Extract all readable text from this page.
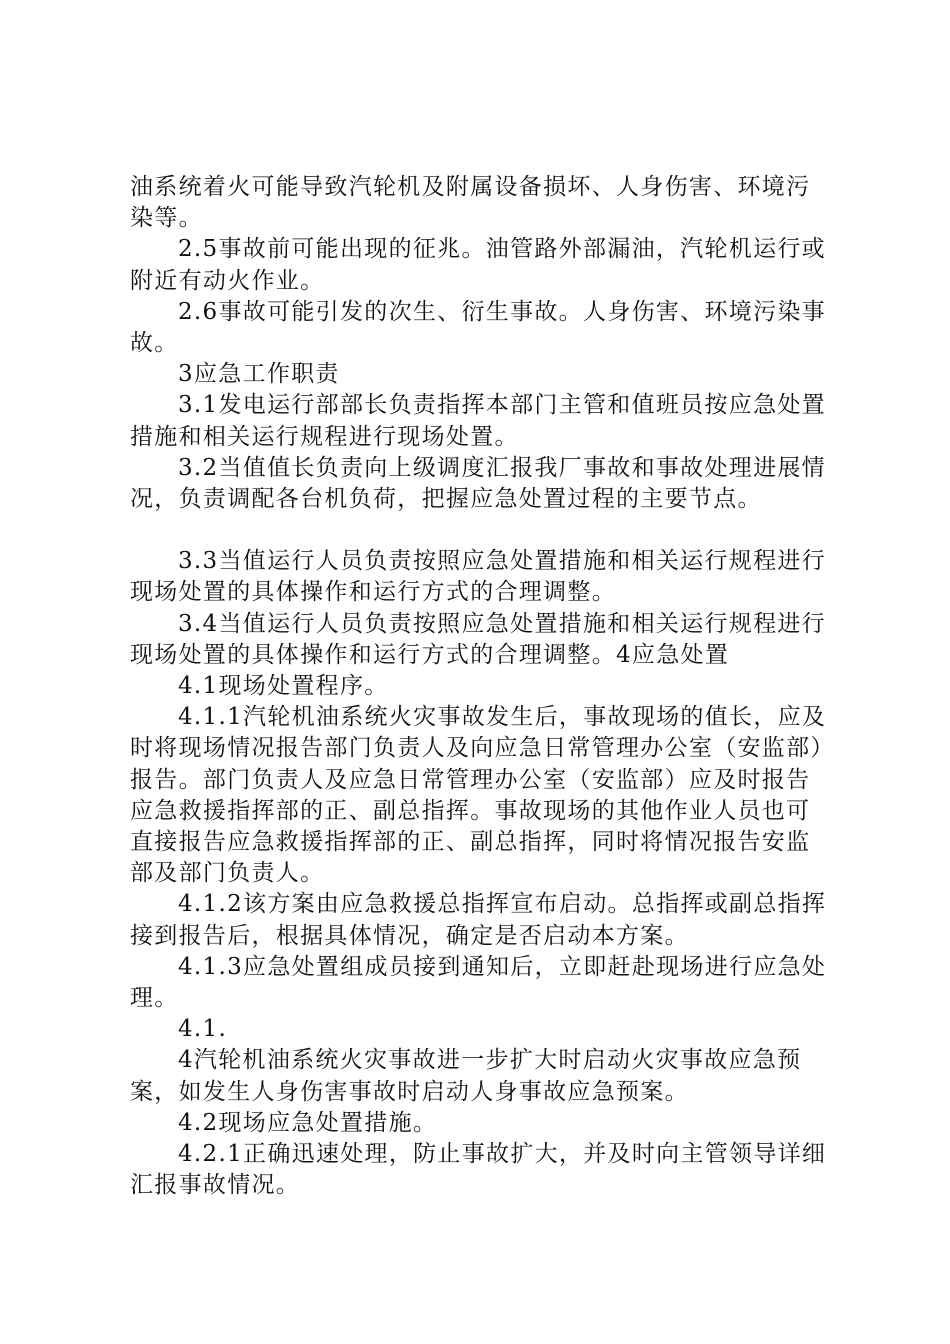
油系统着火可能导致汽轮机及附属设备损坏、人身伤害、环境污染等。

2.5事故前可能出现的征兆。油管路外部漏油，汽轮机运行或附近有动火作业。

2.6事故可能引发的次生、衍生事故。人身伤害、环境污染事故。

3应急工作职责

3.1发电运行部部长负责指挥本部门主管和值班员按应急处置措施和相关运行规程进行现场处置。

3.2当值值长负责向上级调度汇报我厂事故和事故处理进展情况，负责调配各台机负荷，把握应急处置过程的主要节点。

3.3当值运行人员负责按照应急处置措施和相关运行规程进行现场处置的具体操作和运行方式的合理调整。

3.4当值运行人员负责按照应急处置措施和相关运行规程进行现场处置的具体操作和运行方式的合理调整。4应急处置

4.1现场处置程序。

4.1.1汽轮机油系统火灾事故发生后，事故现场的值长，应及时将现场情况报告部门负责人及向应急日常管理办公室（安监部）报告。部门负责人及应急日常管理办公室（安监部）应及时报告应急救援指挥部的正、副总指挥。事故现场的其他作业人员也可直接报告应急救援指挥部的正、副总指挥，同时将情况报告安监部及部门负责人。

4.1.2该方案由应急救援总指挥宣布启动。总指挥或副总指挥接到报告后，根据具体情况，确定是否启动本方案。

4.1.3应急处置组成员接到通知后，立即赶赴现场进行应急处理。

4.1.

4汽轮机油系统火灾事故进一步扩大时启动火灾事故应急预案，如发生人身伤害事故时启动人身事故应急预案。

4.2现场应急处置措施。

4.2.1正确迅速处理，防止事故扩大，并及时向主管领导详细汇报事故情况。
